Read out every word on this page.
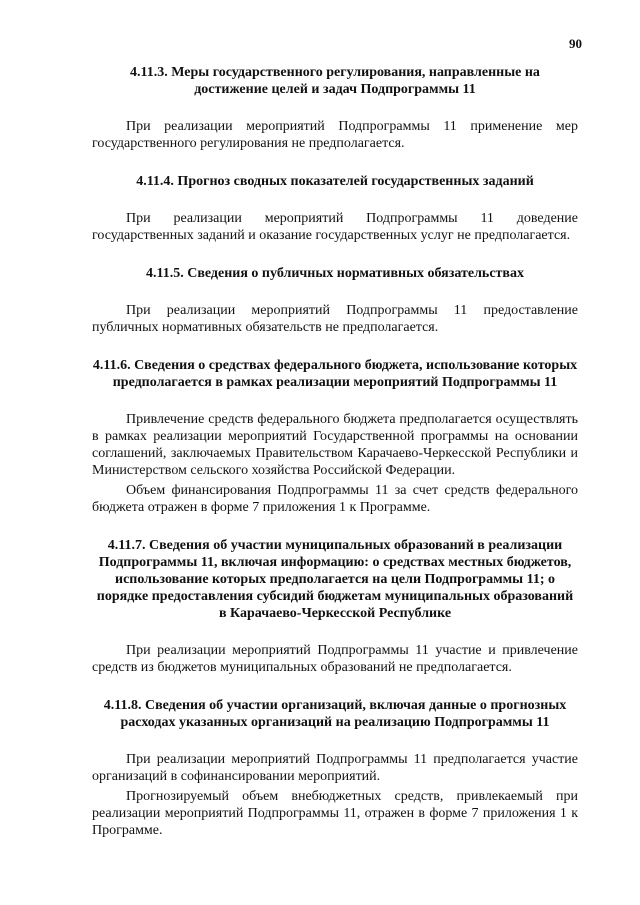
90

4.11.3. Меры государственного регулирования, направленные на достижение целей и задач Подпрограммы 11

При реализации мероприятий Подпрограммы 11 применение мер государственного регулирования не предполагается.

4.11.4. Прогноз сводных показателей государственных заданий

При реализации мероприятий Подпрограммы 11 доведение государственных заданий и оказание государственных услуг не предполагается.

4.11.5. Сведения о публичных нормативных обязательствах

При реализации мероприятий Подпрограммы 11 предоставление публичных нормативных обязательств не предполагается.

4.11.6. Сведения о средствах федерального бюджета, использование которых предполагается в рамках реализации мероприятий Подпрограммы 11

Привлечение средств федерального бюджета предполагается осуществлять в рамках реализации мероприятий Государственной программы на основании соглашений, заключаемых Правительством Карачаево-Черкесской Республики и Министерством сельского хозяйства Российской Федерации.

Объем финансирования Подпрограммы 11 за счет средств федерального бюджета отражен в форме 7 приложения 1 к Программе.

4.11.7. Сведения об участии муниципальных образований в реализации Подпрограммы 11, включая информацию: о средствах местных бюджетов, использование которых предполагается на цели Подпрограммы 11; о порядке предоставления субсидий бюджетам муниципальных образований в Карачаево-Черкесской Республике

При реализации мероприятий Подпрограммы 11 участие и привлечение средств из бюджетов муниципальных образований не предполагается.

4.11.8. Сведения об участии организаций, включая данные о прогнозных расходах указанных организаций на реализацию Подпрограммы 11

При реализации мероприятий Подпрограммы 11 предполагается участие организаций в софинансировании мероприятий.

Прогнозируемый объем внебюджетных средств, привлекаемый при реализации мероприятий Подпрограммы 11, отражен в форме 7 приложения 1 к Программе.
